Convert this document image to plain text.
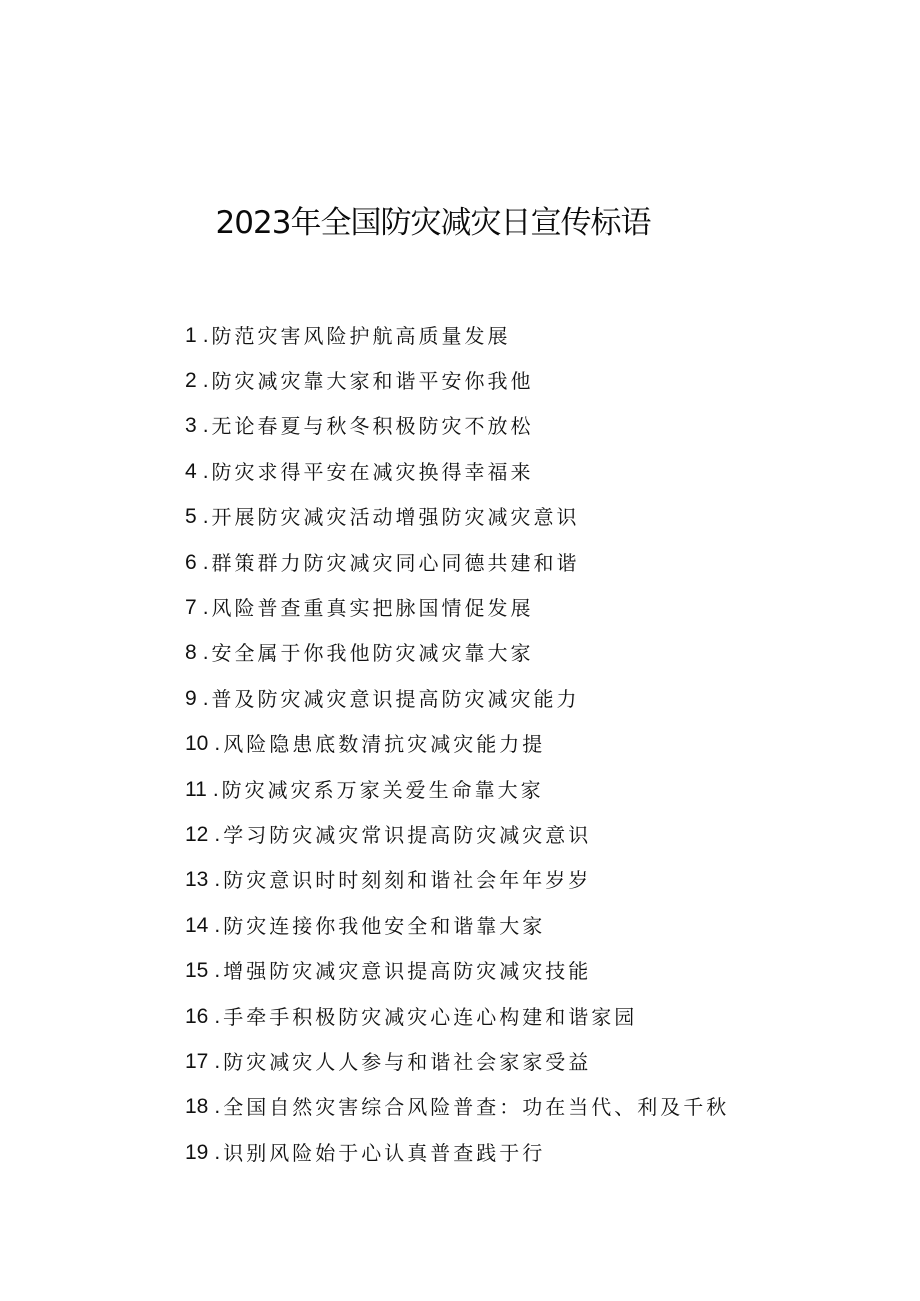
2023年全国防灾减灾日宣传标语
1 . 防范灾害风险护航高质量发展
2 . 防灾减灾靠大家和谐平安你我他
3 . 无论春夏与秋冬积极防灾不放松
4 . 防灾求得平安在减灾换得幸福来
5 . 开展防灾减灾活动增强防灾减灾意识
6 . 群策群力防灾减灾同心同德共建和谐
7 . 风险普查重真实把脉国情促发展
8 . 安全属于你我他防灾减灾靠大家
9 . 普及防灾减灾意识提高防灾减灾能力
10 . 风险隐患底数清抗灾减灾能力提
11 . 防灾减灾系万家关爱生命靠大家
12 . 学习防灾减灾常识提高防灾减灾意识
13 . 防灾意识时时刻刻和谐社会年年岁岁
14 . 防灾连接你我他安全和谐靠大家
15 . 增强防灾减灾意识提高防灾减灾技能
16 . 手牵手积极防灾减灾心连心构建和谐家园
17 . 防灾减灾人人参与和谐社会家家受益
18 . 全国自然灾害综合风险普查：功在当代、利及千秋
19 . 识别风险始于心认真普查践于行
